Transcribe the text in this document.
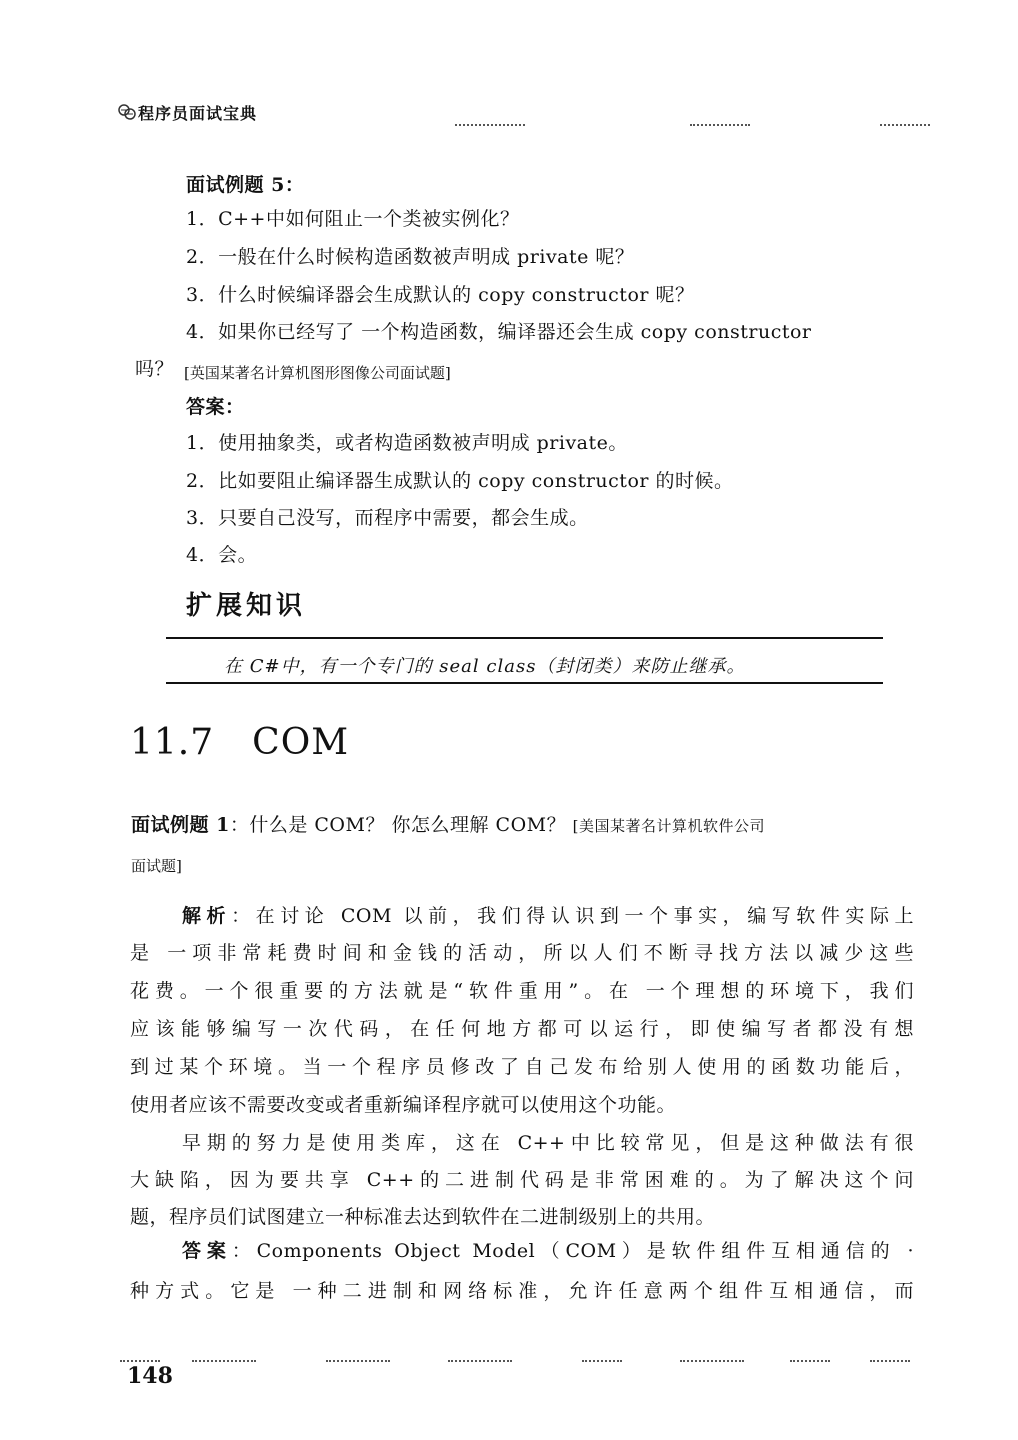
程序员面试宝典
面试例题 5：
1．C++中如何阻止一个类被实例化？
2．一般在什么时候构造函数被声明成 private 呢？
3．什么时候编译器会生成默认的 copy constructor 呢？
4．如果你已经写了 一个构造函数，编译器还会生成 copy constructor
吗？ [英国某著名计算机图形图像公司面试题]
答案：
1．使用抽象类，或者构造函数被声明成 private。
2．比如要阻止编译器生成默认的 copy constructor 的时候。
3．只要自己没写，而程序中需要，都会生成。
4．会。
扩展知识
在 C#中，有一个专门的 seal class（封闭类）来防止继承。
11.7 COM
面试例题 1：什么是 COM？ 你怎么理解 COM？ [美国某著名计算机软件公司
面试题]
解析：在讨论 COM 以前，我们得认识到一个事实，编写软件实际上
是 一项非常耗费时间和金钱的活动，所以人们不断寻找方法以减少这些
花费。一个很重要的方法就是“软件重用”。在 一个理想的环境下，我们
应该能够编写一次代码，在任何地方都可以运行，即使编写者都没有想
到过某个环境。当一个程序员修改了自己发布给别人使用的函数功能后，
使用者应该不需要改变或者重新编译程序就可以使用这个功能。
早期的努力是使用类库，这在 C++中比较常见，但是这种做法有很
大缺陷，因为要共享 C++的二进制代码是非常困难的。为了解决这个问
题，程序员们试图建立一种标准去达到软件在二进制级别上的共用。
答案：Components Object Model（COM）是软件组件互相通信的 ·
种方式。它是 一种二进制和网络标准，允许任意两个组件互相通信，而
148
